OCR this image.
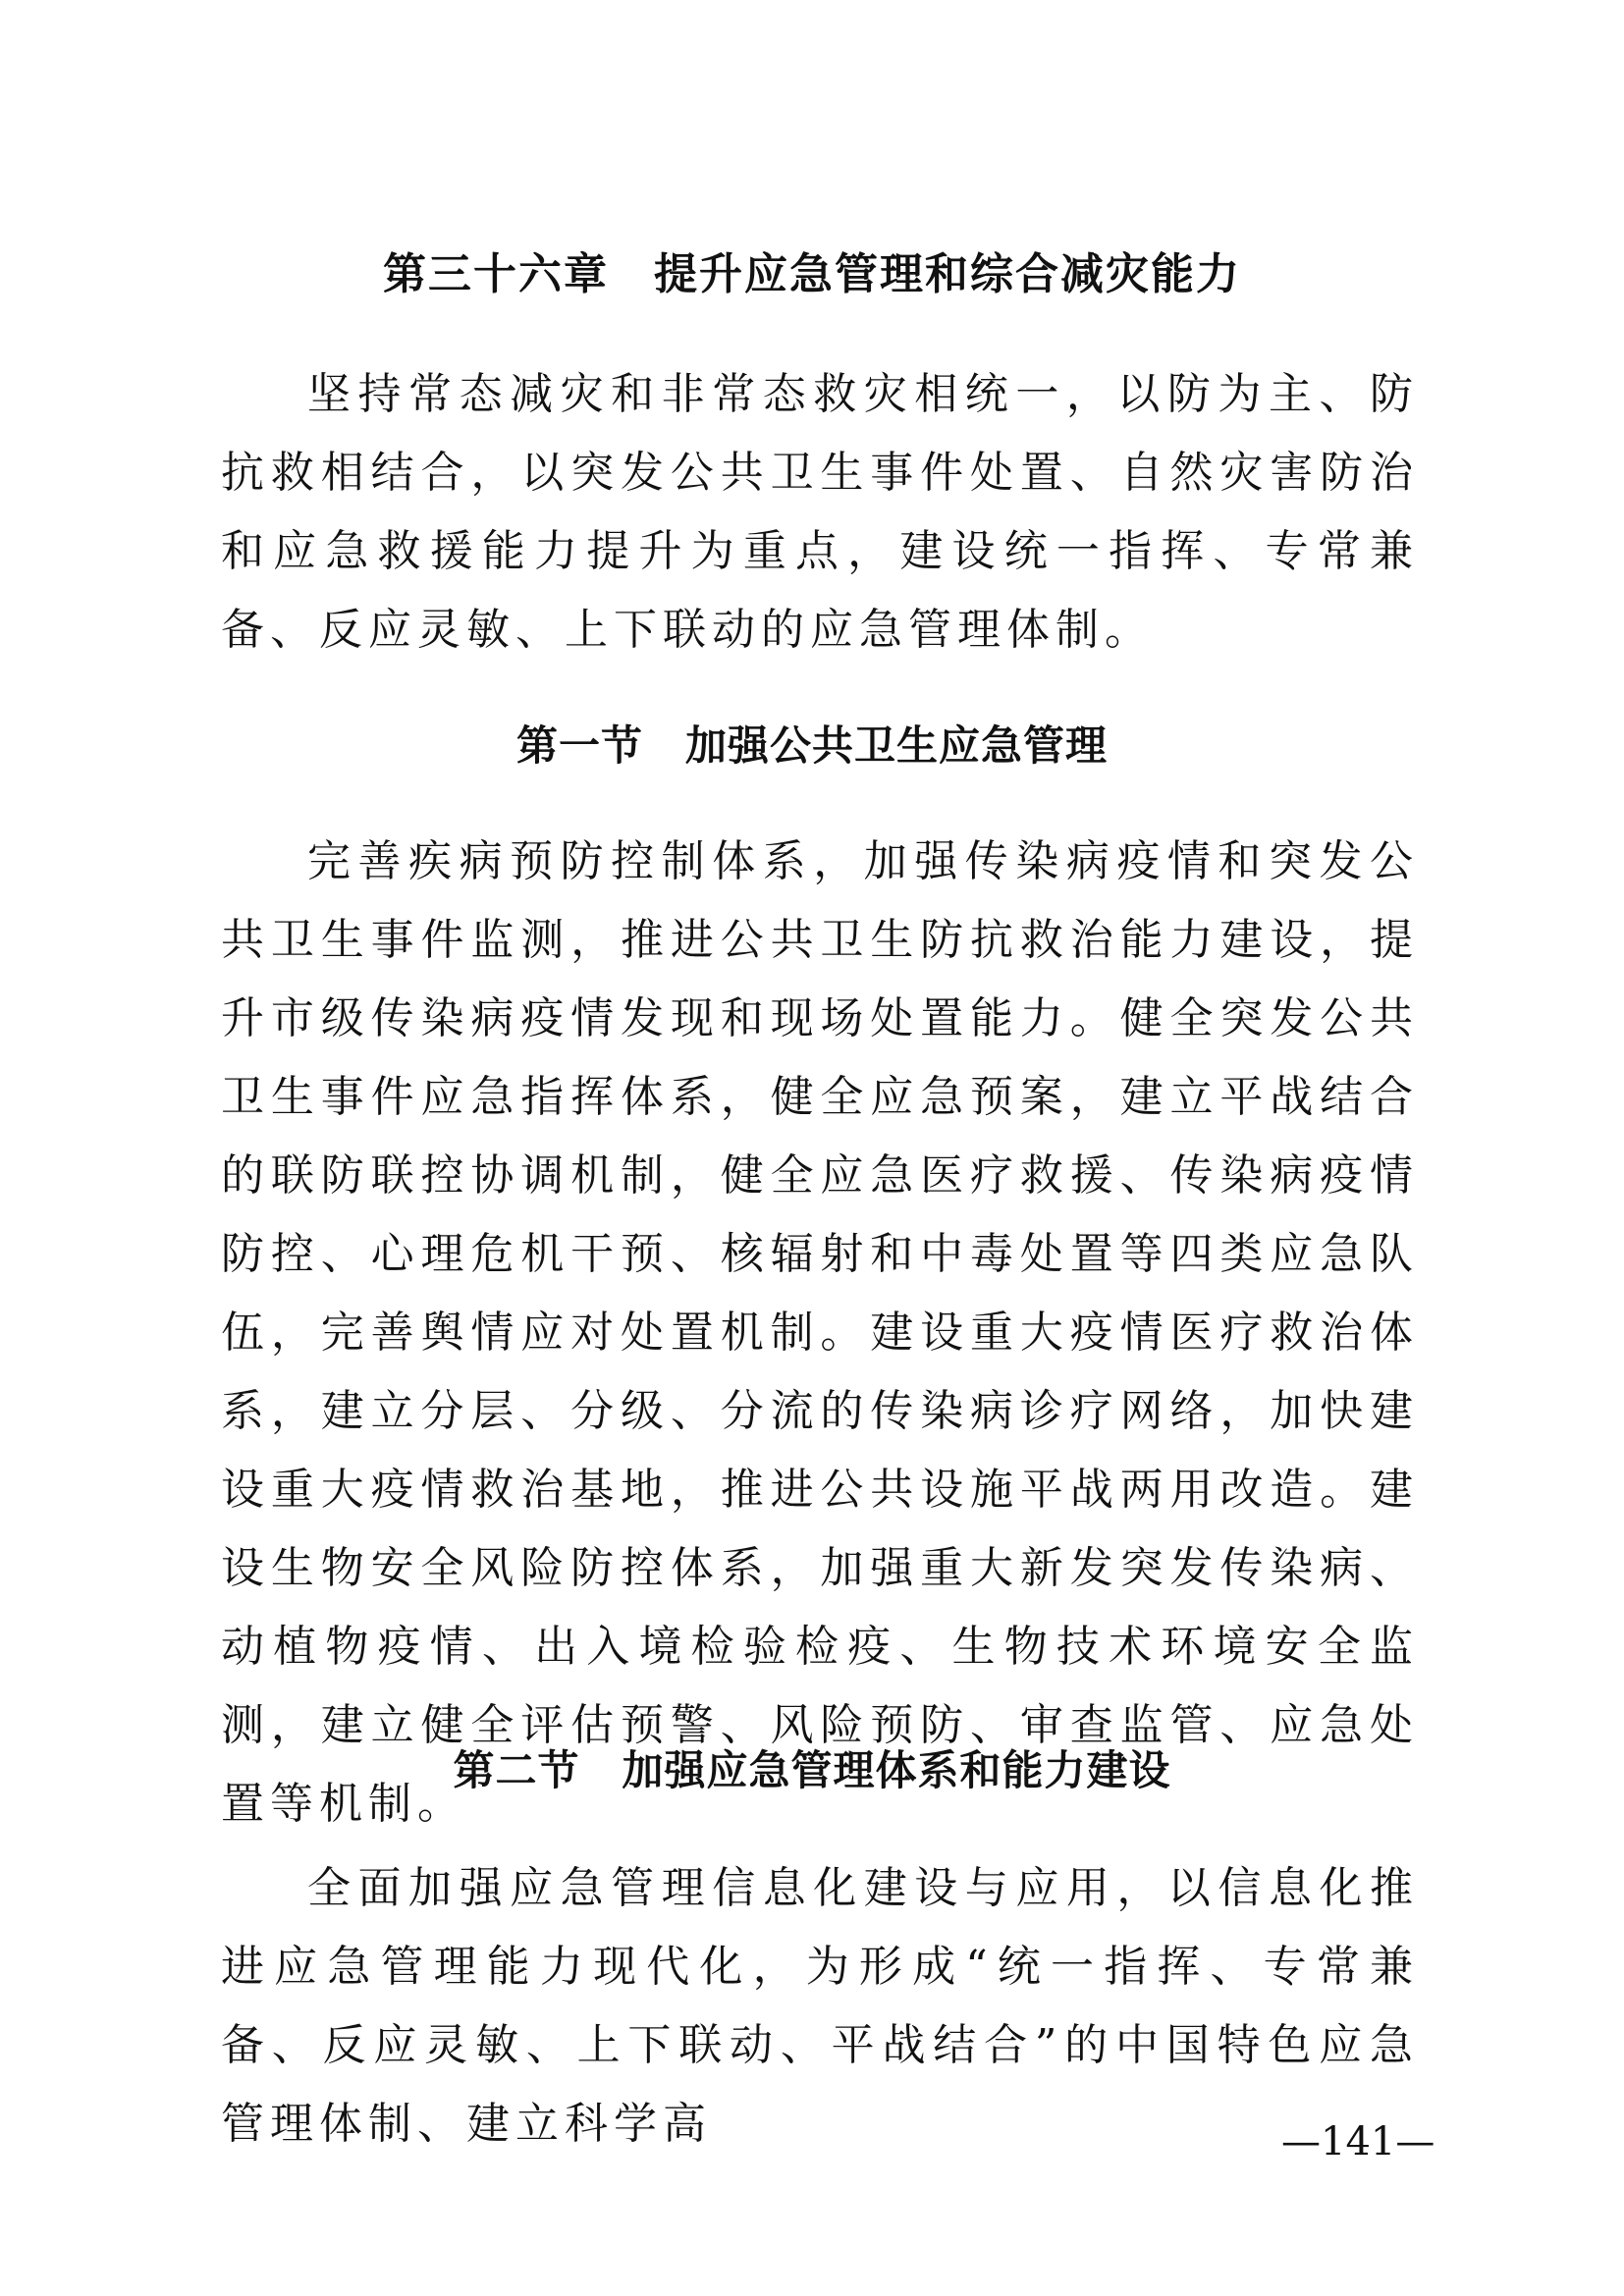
第三十六章　提升应急管理和综合减灾能力

坚持常态减灾和非常态救灾相统一，以防为主、防抗救相结合，以突发公共卫生事件处置、自然灾害防治和应急救援能力提升为重点，建设统一指挥、专常兼备、反应灵敏、上下联动的应急管理体制。

第一节　加强公共卫生应急管理

完善疾病预防控制体系，加强传染病疫情和突发公共卫生事件监测，推进公共卫生防抗救治能力建设，提升市级传染病疫情发现和现场处置能力。健全突发公共卫生事件应急指挥体系，健全应急预案，建立平战结合的联防联控协调机制，健全应急医疗救援、传染病疫情防控、心理危机干预、核辐射和中毒处置等四类应急队伍，完善舆情应对处置机制。建设重大疫情医疗救治体系，建立分层、分级、分流的传染病诊疗网络，加快建设重大疫情救治基地，推进公共设施平战两用改造。建设生物安全风险防控体系，加强重大新发突发传染病、动植物疫情、出入境检验检疫、生物技术环境安全监测，建立健全评估预警、风险预防、审查监管、应急处置等机制。

第二节　加强应急管理体系和能力建设

全面加强应急管理信息化建设与应用，以信息化推进应急管理能力现代化，为形成“统一指挥、专常兼备、反应灵敏、上下联动、平战结合”的中国特色应急管理体制、建立科学高	—141—
